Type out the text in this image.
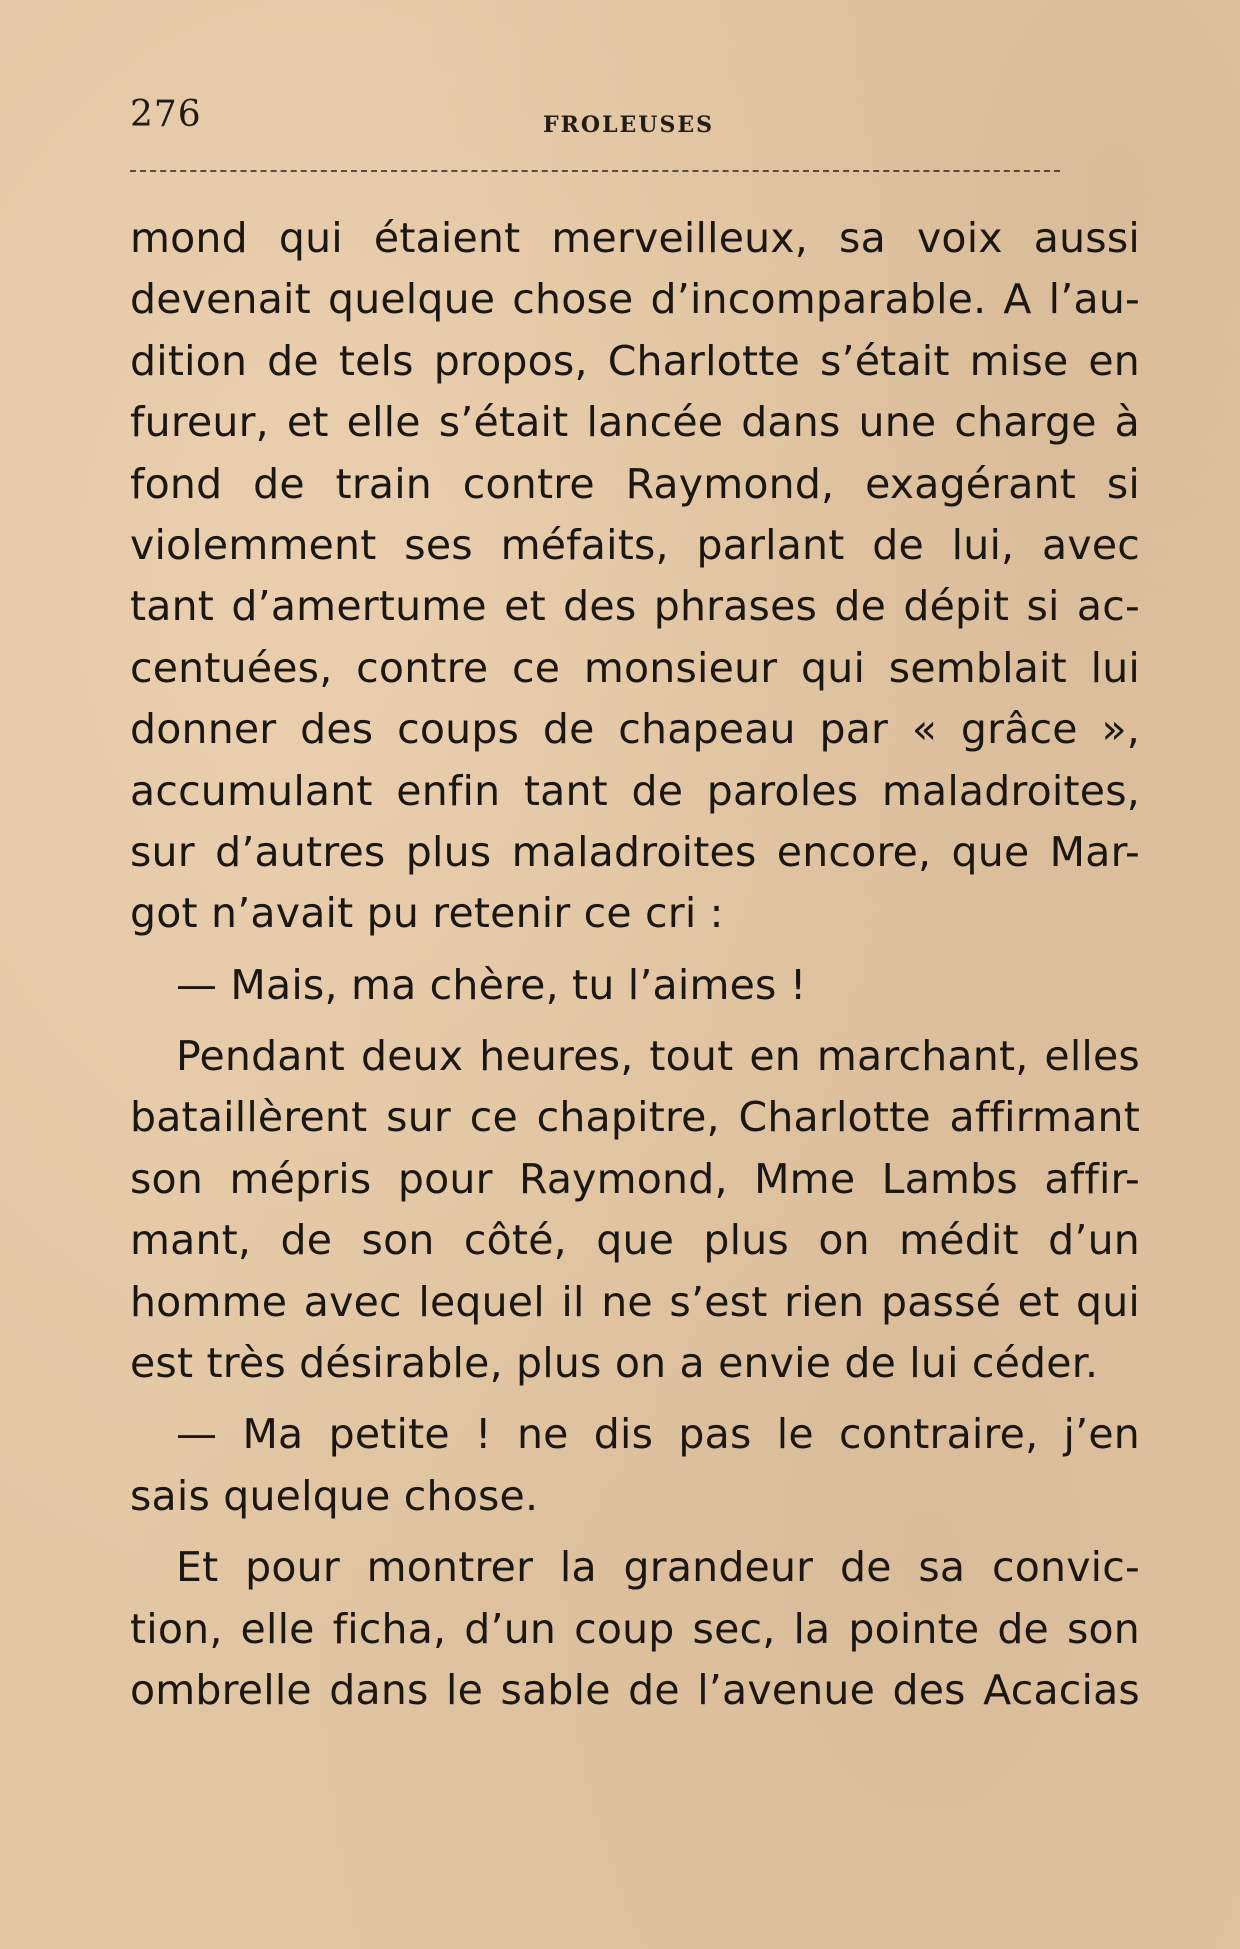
276	FROLEUSES
mond qui étaient merveilleux, sa voix aussi
devenait quelque chose d’incomparable. A l’au-
dition de tels propos, Charlotte s’était mise en
fureur, et elle s’était lancée dans une charge à
fond de train contre Raymond, exagérant si
violemment ses méfaits, parlant de lui, avec
tant d’amertume et des phrases de dépit si ac-
centuées, contre ce monsieur qui semblait lui
donner des coups de chapeau par « grâce »,
accumulant enfin tant de paroles maladroites,
sur d’autres plus maladroites encore, que Mar-
got n’avait pu retenir ce cri :
— Mais, ma chère, tu l’aimes !
Pendant deux heures, tout en marchant, elles
bataillèrent sur ce chapitre, Charlotte affirmant
son mépris pour Raymond, Mme Lambs affir-
mant, de son côté, que plus on médit d’un
homme avec lequel il ne s’est rien passé et qui
est très désirable, plus on a envie de lui céder.
— Ma petite ! ne dis pas le contraire, j’en
sais quelque chose.
Et pour montrer la grandeur de sa convic-
tion, elle ficha, d’un coup sec, la pointe de son
ombrelle dans le sable de l’avenue des Acacias
